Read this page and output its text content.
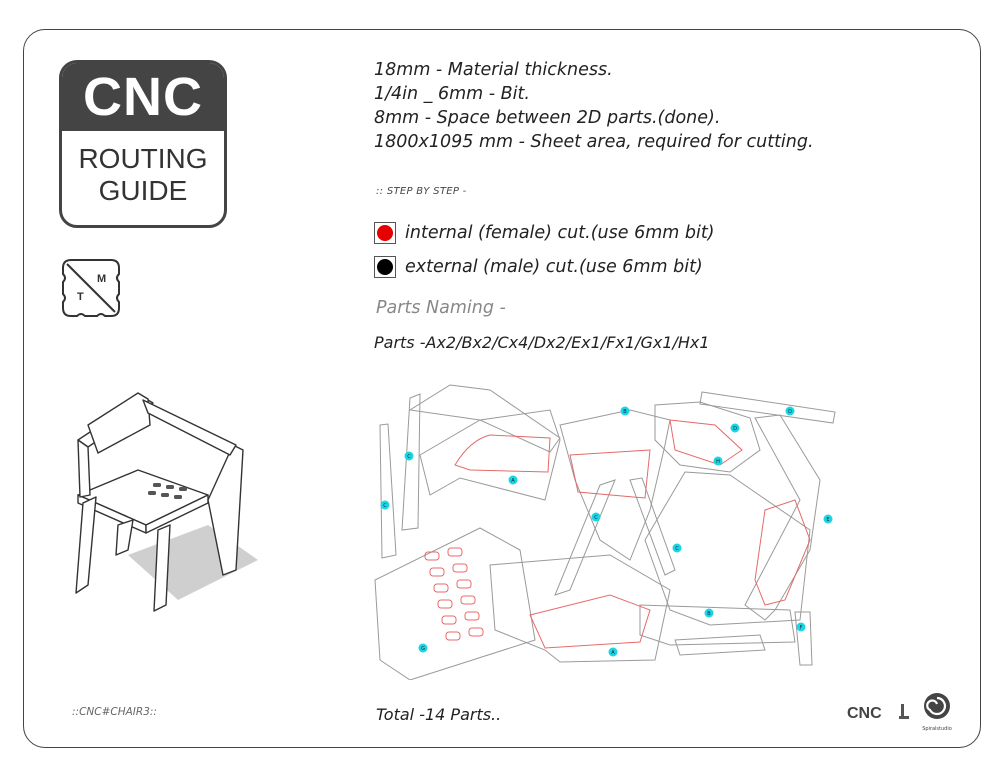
CNC
ROUTING
GUIDE
M
T
18mm - Material thickness.
1/4in _ 6mm - Bit.
8mm - Space between 2D parts.(done).
1800x1095 mm - Sheet area, required for cutting.
:: STEP BY STEP -
internal (female) cut.(use 6mm bit)
external (male) cut.(use 6mm bit)
Parts Naming -
Parts -Ax2/Bx2/Cx4/Dx2/Ex1/Fx1/Gx1/Hx1
C
C
A
B	D
D
H
C
C
E
G
A
B
F
::CNC#CHAIR3::	Total -14 Parts..	CNC
Spiralstudio
